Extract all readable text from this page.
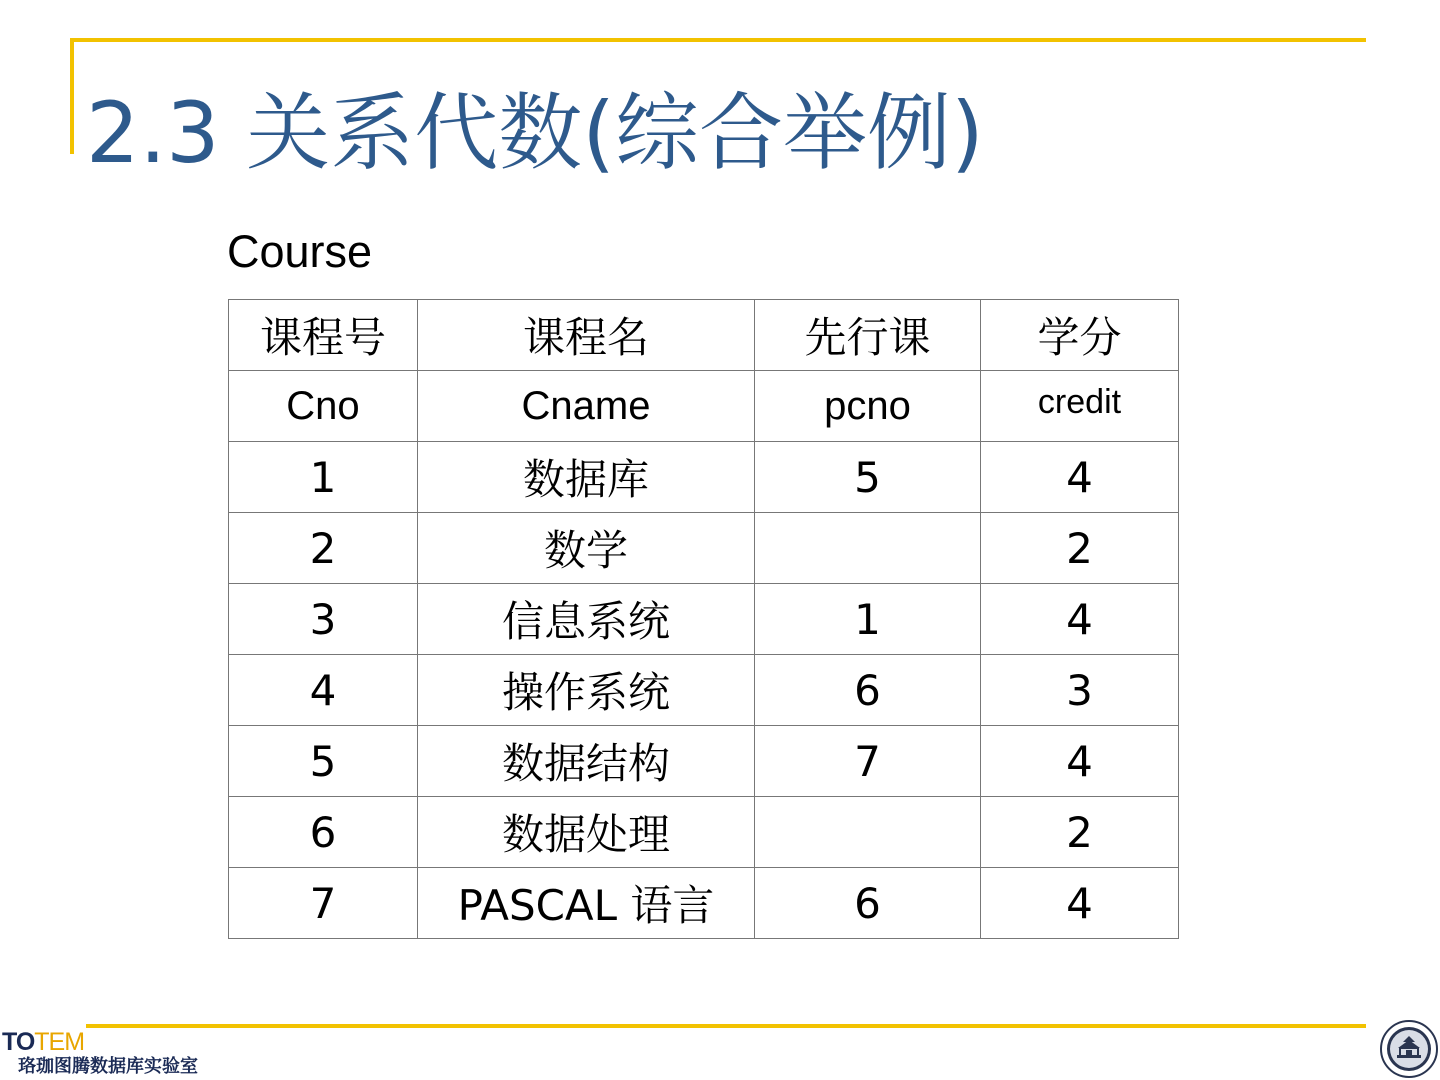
2.3 关系代数(综合举例)
Course
课程号	课程名	先行课	学分
Cno	Cname	pcno	credit
1	数据库	5	4
2	数学		2
3	信息系统	1	4
4	操作系统	6	3
5	数据结构	7	4
6	数据处理		2
7	PASCAL 语言	6	4
TOTEM
珞珈图腾数据库实验室
